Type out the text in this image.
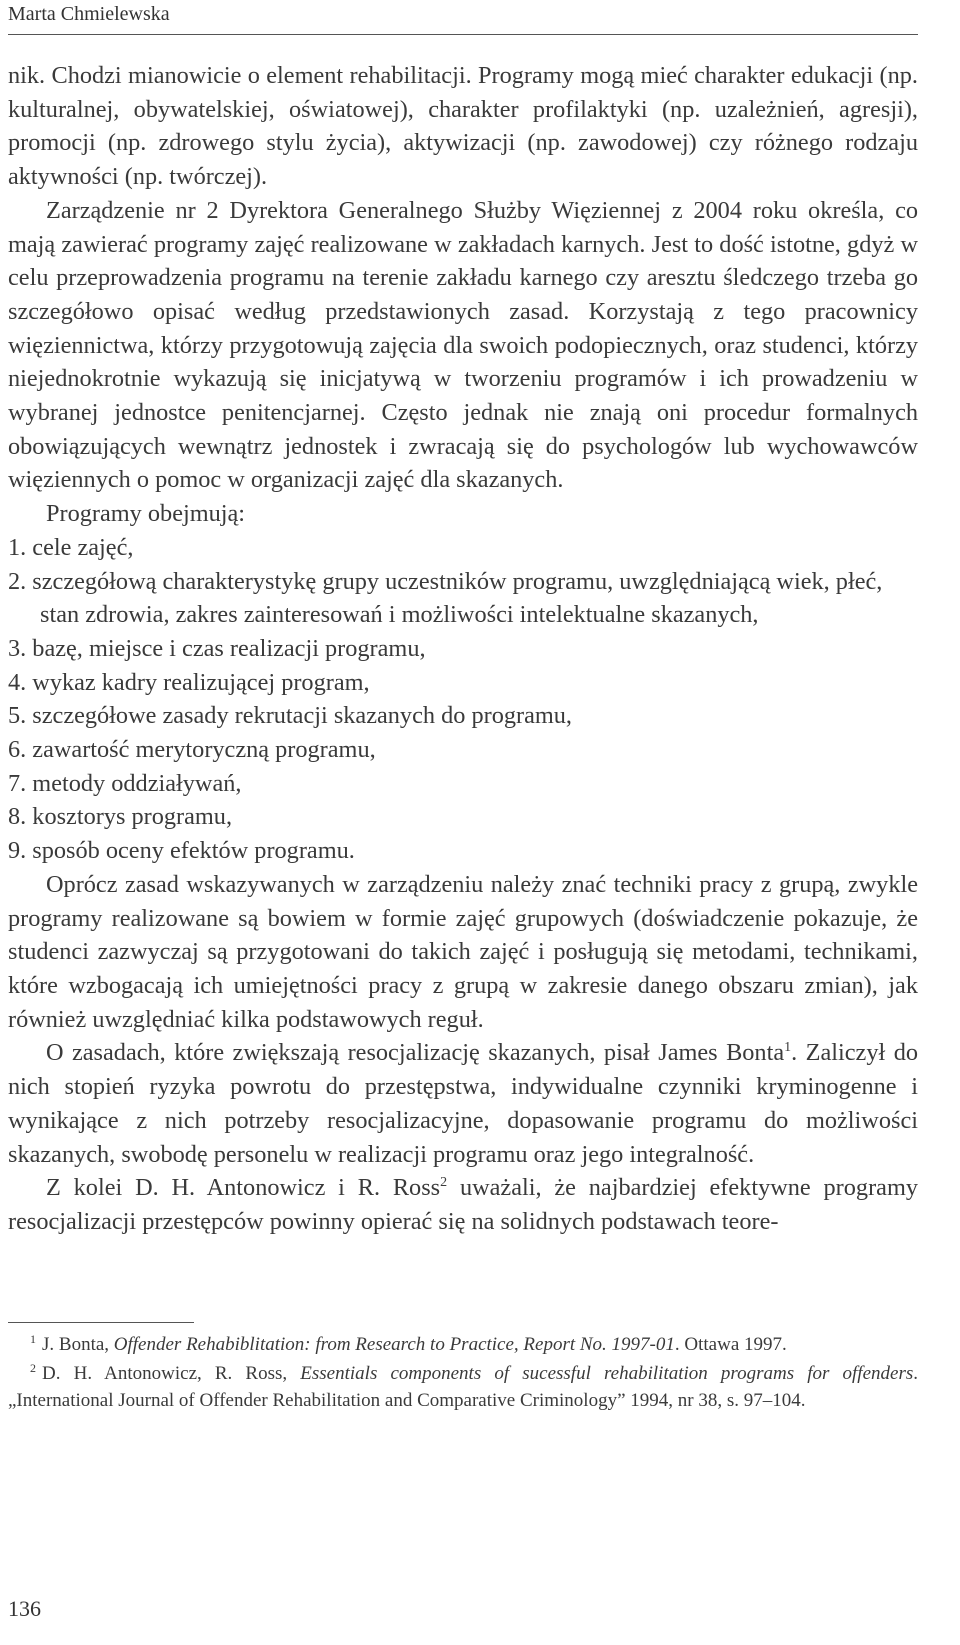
Marta Chmielewska

nik. Chodzi mianowicie o element rehabilitacji. Programy mogą mieć charakter edukacji (np. kulturalnej, obywatelskiej, oświatowej), charakter profilaktyki (np. uzależnień, agresji), promocji (np. zdrowego stylu życia), aktywizacji (np. zawodowej) czy różnego rodzaju aktywności (np. twórczej).

Zarządzenie nr 2 Dyrektora Generalnego Służby Więziennej z 2004 roku określa, co mają zawierać programy zajęć realizowane w zakładach karnych. Jest to dość istotne, gdyż w celu przeprowadzenia programu na terenie zakładu karnego czy aresztu śledczego trzeba go szczegółowo opisać według przedstawionych zasad. Korzystają z tego pracownicy więziennictwa, którzy przygotowują zajęcia dla swoich podopiecznych, oraz studenci, którzy niejednokrotnie wykazują się inicjatywą w tworzeniu programów i ich prowadzeniu w wybranej jednostce penitencjarnej. Często jednak nie znają oni procedur formalnych obowiązujących wewnątrz jednostek i zwracają się do psychologów lub wychowawców więziennych o pomoc w organizacji zajęć dla skazanych.

Programy obejmują:

1. cele zajęć,
2. szczegółową charakterystykę grupy uczestników programu, uwzględniającą wiek, płeć, stan zdrowia, zakres zainteresowań i możliwości intelektualne skazanych,
3. bazę, miejsce i czas realizacji programu,
4. wykaz kadry realizującej program,
5. szczegółowe zasady rekrutacji skazanych do programu,
6. zawartość merytoryczną programu,
7. metody oddziaływań,
8. kosztorys programu,
9. sposób oceny efektów programu.

Oprócz zasad wskazywanych w zarządzeniu należy znać techniki pracy z grupą, zwykle programy realizowane są bowiem w formie zajęć grupowych (doświadczenie pokazuje, że studenci zazwyczaj są przygotowani do takich zajęć i posługują się metodami, technikami, które wzbogacają ich umiejętności pracy z grupą w zakresie danego obszaru zmian), jak również uwzględniać kilka podstawowych reguł.

O zasadach, które zwiększają resocjalizację skazanych, pisał James Bonta$^1$. Zaliczył do nich stopień ryzyka powrotu do przestępstwa, indywidualne czynniki kryminogenne i wynikające z nich potrzeby resocjalizacyjne, dopasowanie programu do możliwości skazanych, swobodę personelu w realizacji programu oraz jego integralność.

Z kolei D. H. Antonowicz i R. Ross$^2$ uważali, że najbardziej efektywne programy resocjalizacji przestępców powinny opierać się na solidnych podstawach teore-

$^1$ J. Bonta, Offender Rehabiblitation: from Research to Practice, Report No. 1997-01. Ottawa 1997.

$^2$ D. H. Antonowicz, R. Ross, Essentials components of sucessful rehabilitation programs for offenders. „International Journal of Offender Rehabilitation and Comparative Criminology” 1994, nr 38, s. 97–104.

136
